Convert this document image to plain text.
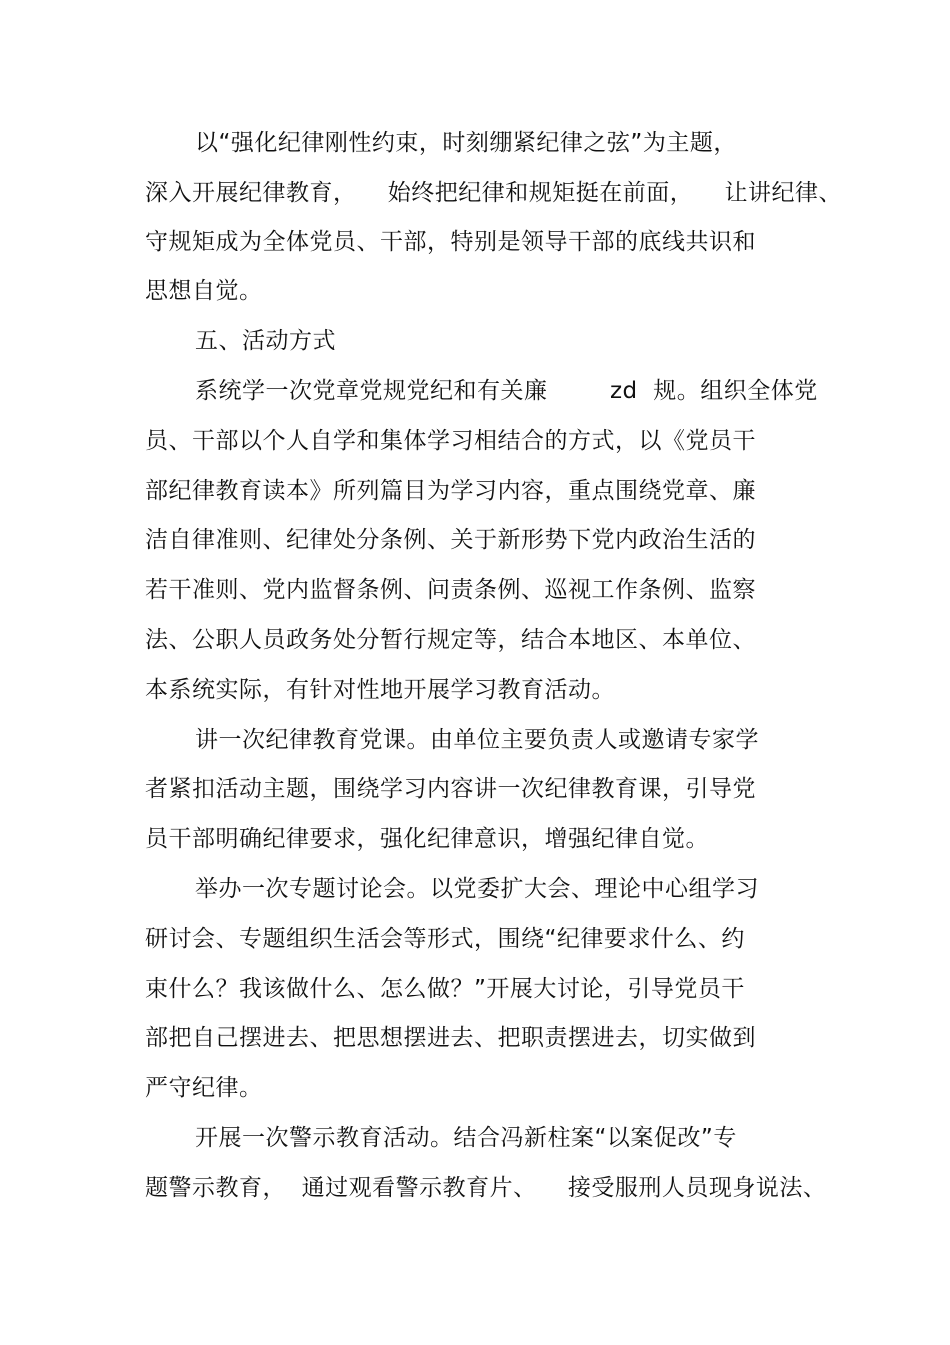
以“强化纪律刚性约束，时刻绷紧纪律之弦”为主题，
深入开展纪律教育，    始终把纪律和规矩挺在前面，    让讲纪律、
守规矩成为全体党员、干部，特别是领导干部的底线共识和
思想自觉。
五、活动方式
系统学一次党章党规党纪和有关廉        zd  规。组织全体党
员、干部以个人自学和集体学习相结合的方式，以《党员干
部纪律教育读本》所列篇目为学习内容，重点围绕党章、廉
洁自律准则、纪律处分条例、关于新形势下党内政治生活的
若干准则、党内监督条例、问责条例、巡视工作条例、监察
法、公职人员政务处分暂行规定等，结合本地区、本单位、
本系统实际，有针对性地开展学习教育活动。
讲一次纪律教育党课。由单位主要负责人或邀请专家学
者紧扣活动主题，围绕学习内容讲一次纪律教育课，引导党
员干部明确纪律要求，强化纪律意识，增强纪律自觉。
举办一次专题讨论会。以党委扩大会、理论中心组学习
研讨会、专题组织生活会等形式，围绕“纪律要求什么、约
束什么？我该做什么、怎么做？”开展大讨论，引导党员干
部把自己摆进去、把思想摆进去、把职责摆进去，切实做到
严守纪律。
开展一次警示教育活动。结合冯新柱案“以案促改”专
题警示教育，  通过观看警示教育片、    接受服刑人员现身说法、
